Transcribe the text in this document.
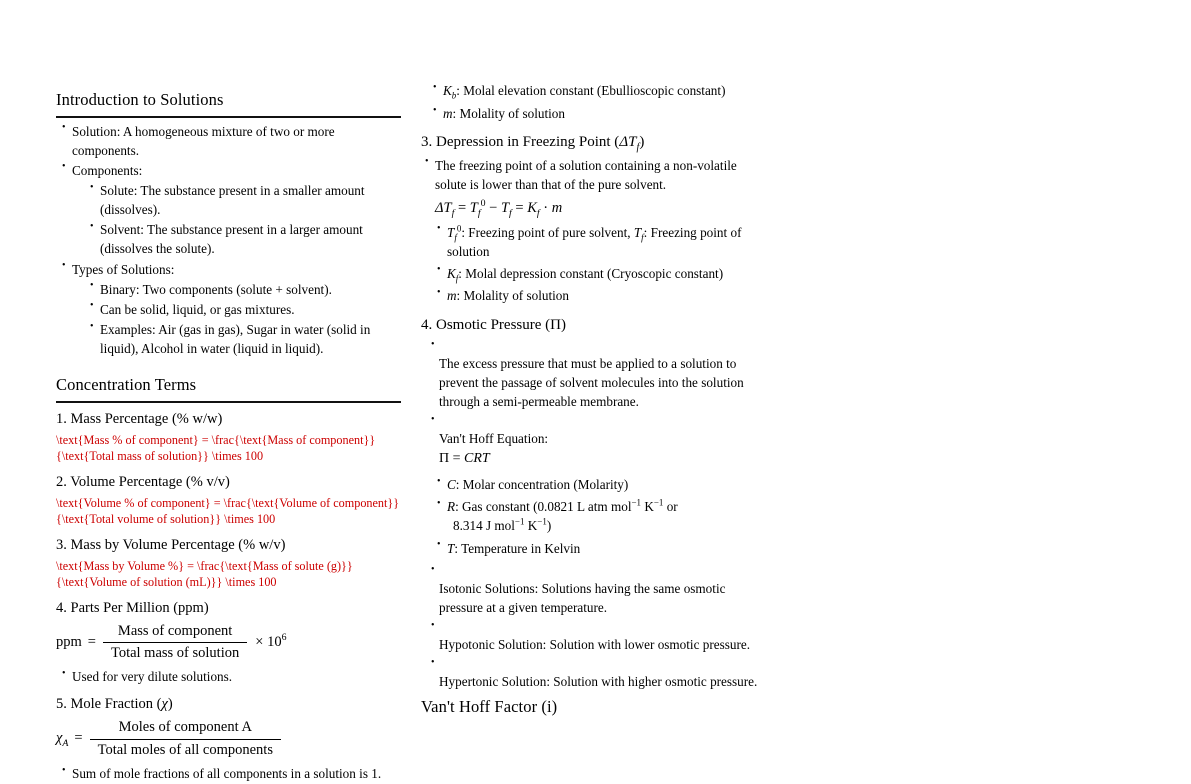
Introduction to Solutions
• Solution: A homogeneous mixture of two or more components.
• Components:
• Solute: The substance present in a smaller amount (dissolves).
• Solvent: The substance present in a larger amount (dissolves the solute).
• Types of Solutions:
• Binary: Two components (solute + solvent).
• Can be solid, liquid, or gas mixtures.
• Examples: Air (gas in gas), Sugar in water (solid in liquid), Alcohol in water (liquid in liquid).
Concentration Terms
1. Mass Percentage (% w/w)
\text{Mass % of component} = \frac{\text{Mass of component}}{\text{Total mass of solution}} \times 100
2. Volume Percentage (% v/v)
\text{Volume % of component} = \frac{\text{Volume of component}}{\text{Total volume of solution}} \times 100
3. Mass by Volume Percentage (% w/v)
\text{Mass by Volume %} = \frac{\text{Mass of solute (g)}}{\text{Volume of solution (mL)}} \times 100
4. Parts Per Million (ppm)
ppm = $\frac{\text{Mass of component}}{\text{Total mass of solution}} \times 10^6$
• Used for very dilute solutions.
5. Mole Fraction (χ)
$\chi_A = \frac{\text{Moles of component A}}{\text{Total moles of all components}}$
• Sum of mole fractions of all components in a solution is 1.
• $K_b$: Molal elevation constant (Ebullioscopic constant)
• m: Molality of solution
3. Depression in Freezing Point $(\Delta T_f)$
• The freezing point of a solution containing a non-volatile solute is lower than that of the pure solvent.
$\Delta T_f = T_f^0 - T_f = K_f \cdot m$
• $T_f^0$: Freezing point of pure solvent, $T_f$: Freezing point of solution
• $K_f$: Molal depression constant (Cryoscopic constant)
• m: Molality of solution
4. Osmotic Pressure (Π)
• The excess pressure that must be applied to a solution to prevent the passage of solvent molecules into the solution through a semi-permeable membrane.
• Van't Hoff Equation:
Π = CRT
• C: Molar concentration (Molarity)
• R: Gas constant (0.0821 L atm mol$^{-1}$ $K^{-1}$ or
8.314 J mol$^{-1}$ $K^{-1}$)
• T: Temperature in Kelvin
• Isotonic Solutions: Solutions having the same osmotic pressure at a given temperature.
• Hypotonic Solution: Solution with lower osmotic pressure.
• Hypertonic Solution: Solution with higher osmotic pressure.
Van't Hoff Factor (i)
